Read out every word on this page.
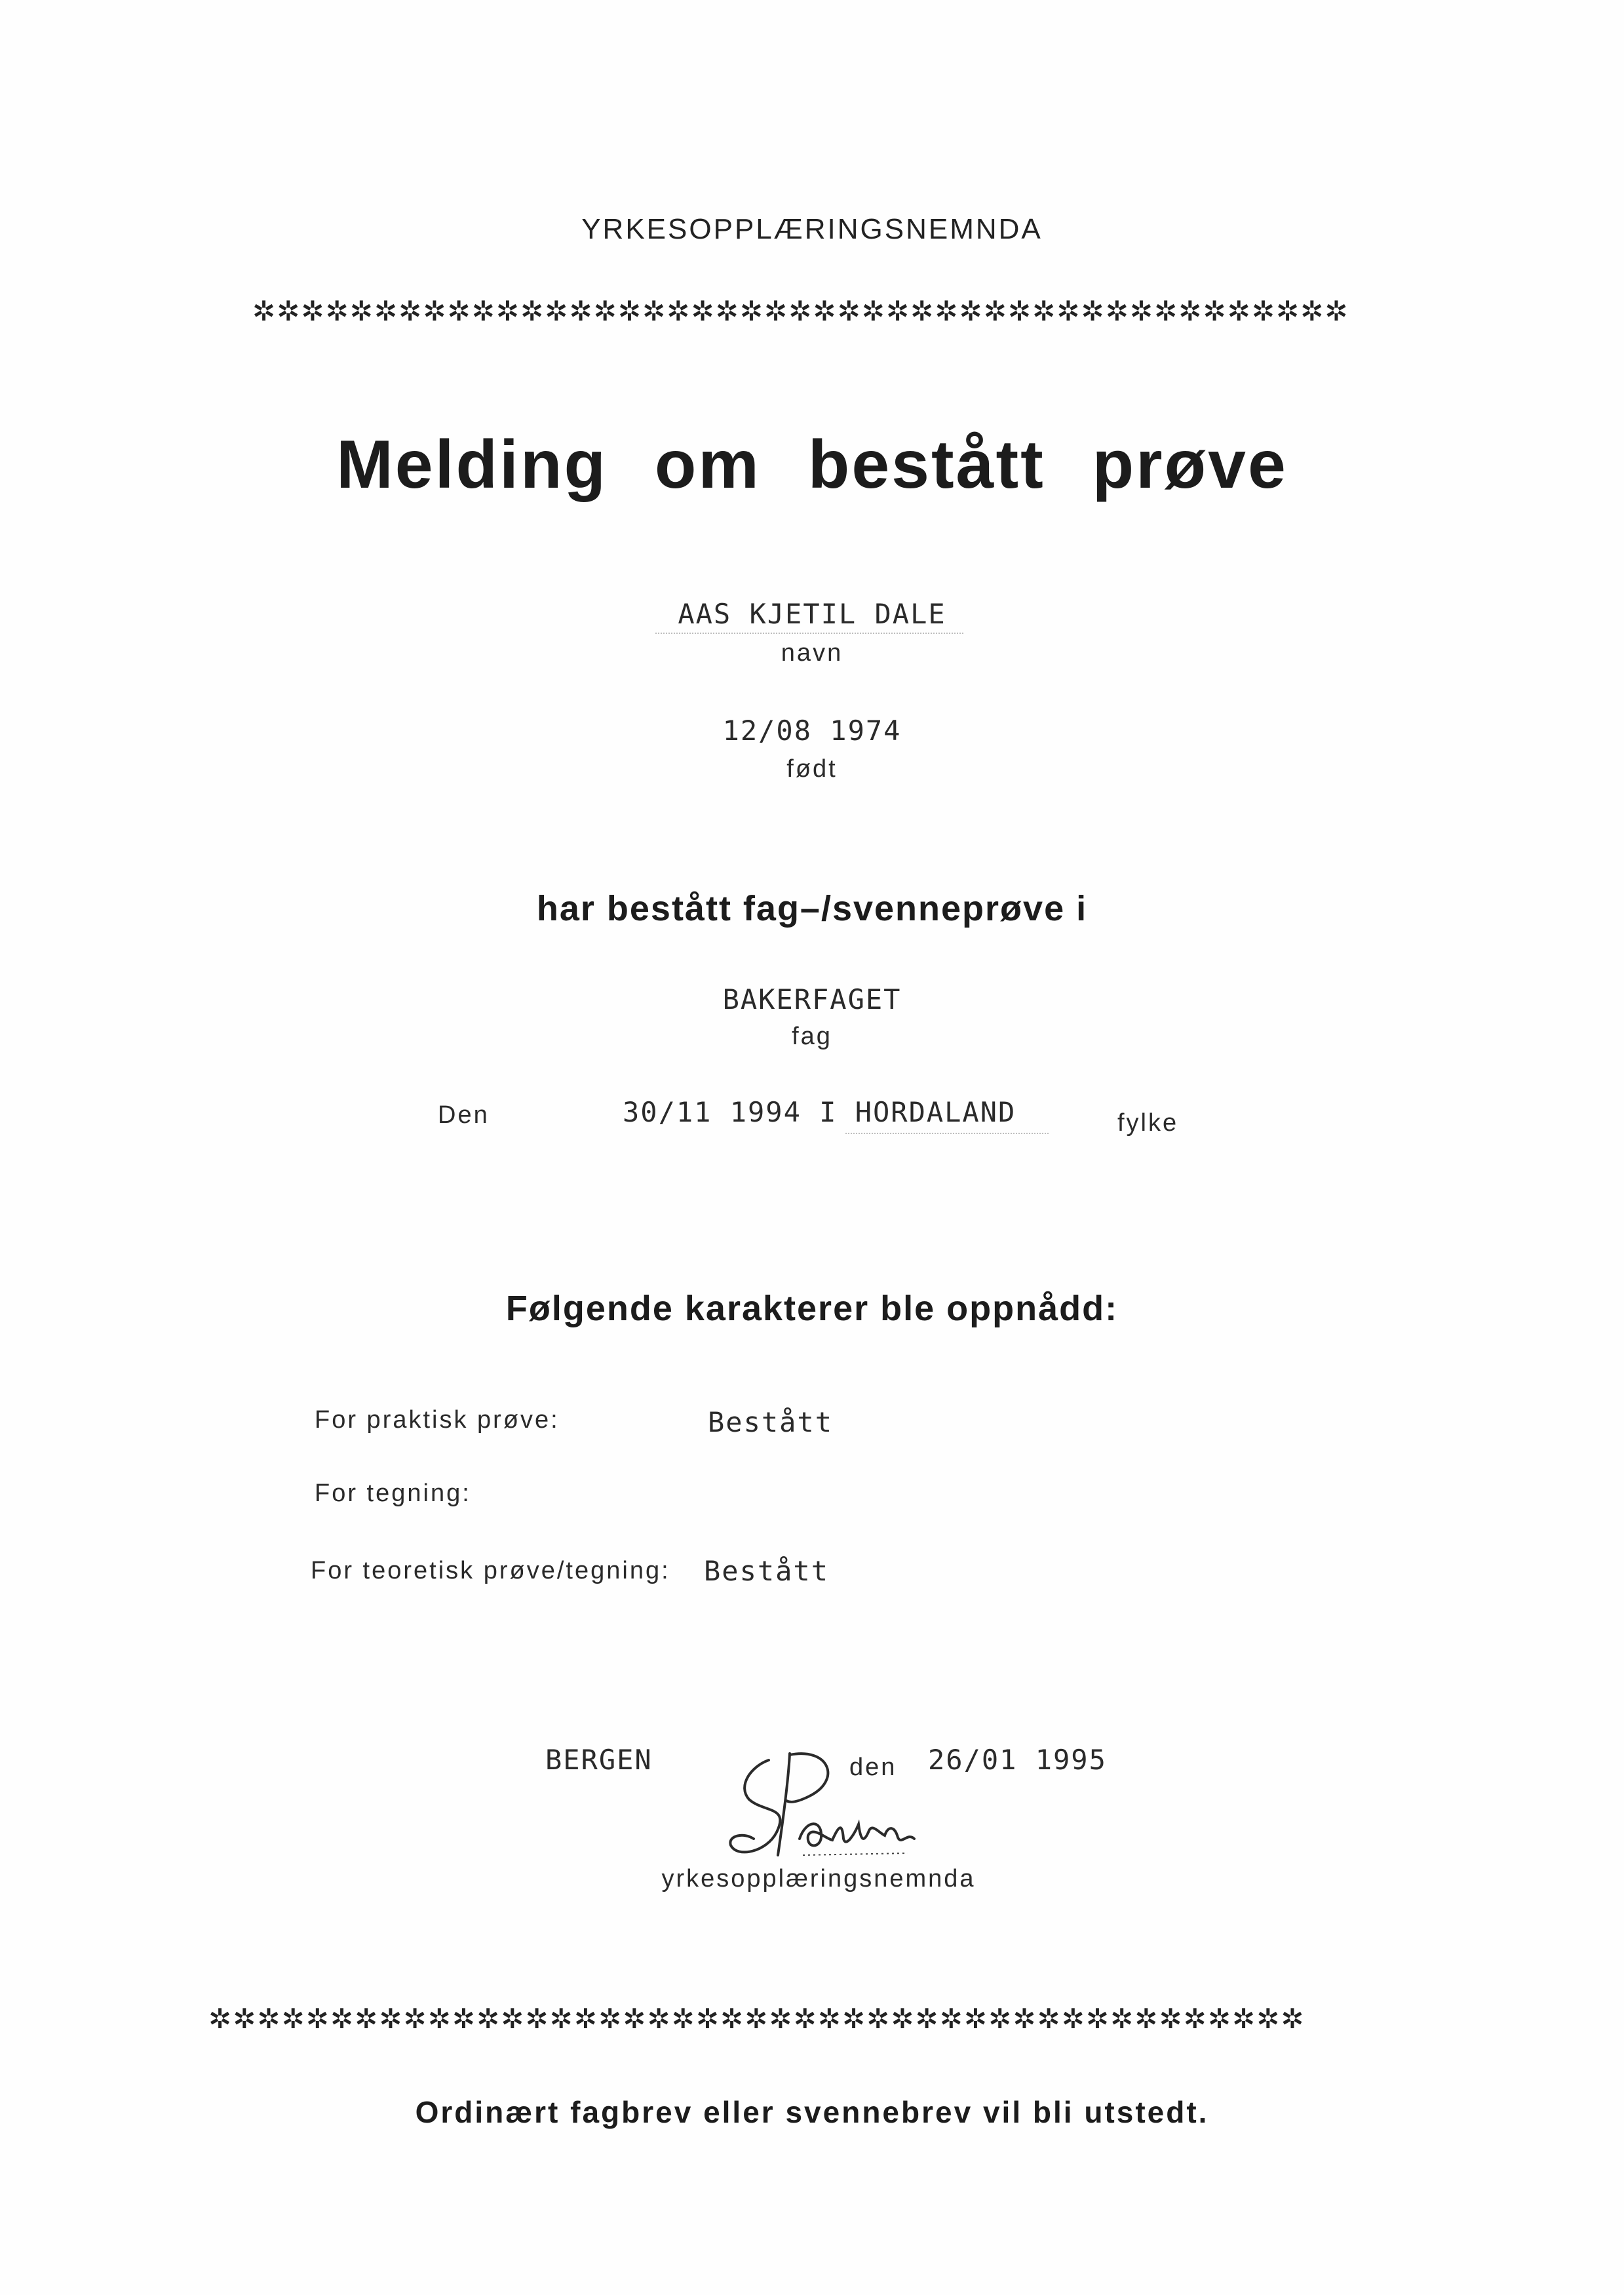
YRKESOPPLÆRINGSNEMNDA
✲✲✲✲✲✲✲✲✲✲✲✲✲✲✲✲✲✲✲✲✲✲✲✲✲✲✲✲✲✲✲✲✲✲✲✲✲✲✲✲✲✲✲✲✲
Melding om bestått prøve
AAS KJETIL DALE
navn
12/08 1974
født
har bestått fag–/svenneprøve i
BAKERFAGET
fag
Den	30/11 1994 I HORDALAND	fylke
Følgende karakterer ble oppnådd:
For praktisk prøve:	Bestått
For tegning:
For teoretisk prøve/tegning: Bestått
BERGEN	den 26/01 1995
yrkesopplæringsnemnda
✲✲✲✲✲✲✲✲✲✲✲✲✲✲✲✲✲✲✲✲✲✲✲✲✲✲✲✲✲✲✲✲✲✲✲✲✲✲✲✲✲✲✲✲✲
Ordinært fagbrev eller svennebrev vil bli utstedt.
